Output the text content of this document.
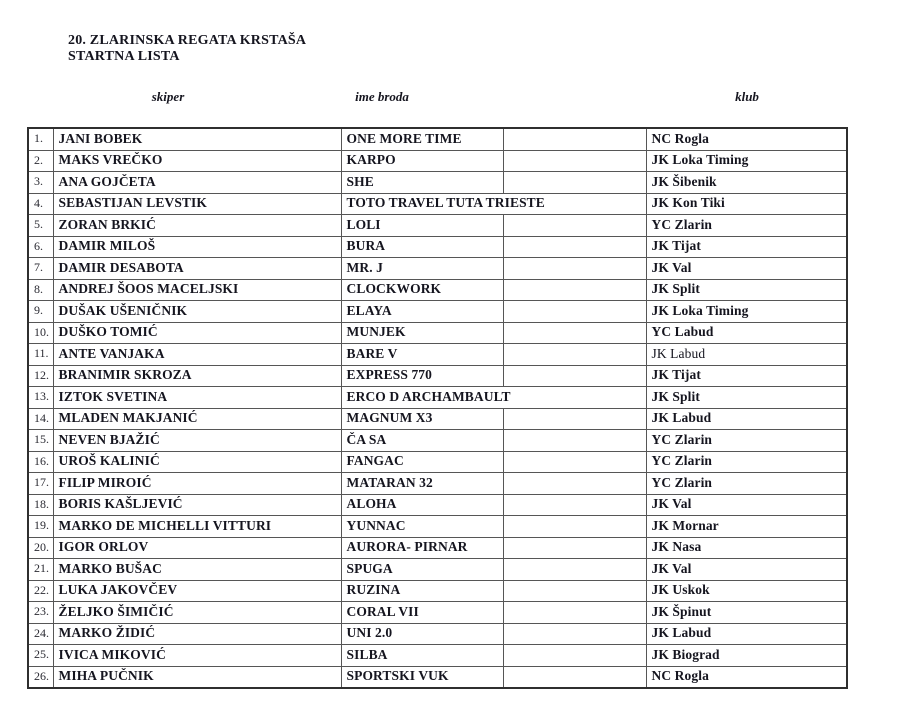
20. ZLARINSKA REGATA KRSTAŠA
STARTNA LISTA
skiper	ime broda	klub
1.	JANI BOBEK	ONE MORE TIME		NC Rogla
2.	MAKS VREČKO	KARPO		JK Loka Timing
3.	ANA GOJČETA	SHE		JK Šibenik
4.	SEBASTIJAN LEVSTIK	TOTO TRAVEL TUTA TRIESTE		JK Kon Tiki
5.	ZORAN BRKIĆ	LOLI		YC Zlarin
6.	DAMIR MILOŠ	BURA		JK Tijat
7.	DAMIR DESABOTA	MR. J		JK Val
8.	ANDREJ ŠOOS MACELJSKI	CLOCKWORK		JK Split
9.	DUŠAK UŠENIČNIK	ELAYA		JK Loka Timing
10.	DUŠKO TOMIĆ	MUNJEK		YC Labud
11.	ANTE VANJAKA	BARE V		JK Labud
12.	BRANIMIR SKROZA	EXPRESS 770		JK Tijat
13.	IZTOK SVETINA	ERCO D ARCHAMBAULT		JK Split
14.	MLADEN MAKJANIĆ	MAGNUM X3		JK Labud
15.	NEVEN BJAŽIĆ	ČA SA		YC Zlarin
16.	UROŠ KALINIĆ	FANGAC		YC Zlarin
17.	FILIP MIROIĆ	MATARAN 32		YC Zlarin
18.	BORIS KAŠLJEVIĆ	ALOHA		JK Val
19.	MARKO DE MICHELLI VITTURI	YUNNAC		JK Mornar
20.	IGOR ORLOV	AURORA- PIRNAR		JK Nasa
21.	MARKO BUŠAC	SPUGA		JK Val
22.	LUKA JAKOVČEV	RUZINA		JK Uskok
23.	ŽELJKO ŠIMIČIĆ	CORAL VII		JK Špinut
24.	MARKO ŽIDIĆ	UNI 2.0		JK Labud
25.	IVICA MIKOVIĆ	SILBA		JK Biograd
26.	MIHA PUČNIK	SPORTSKI VUK		NC Rogla
